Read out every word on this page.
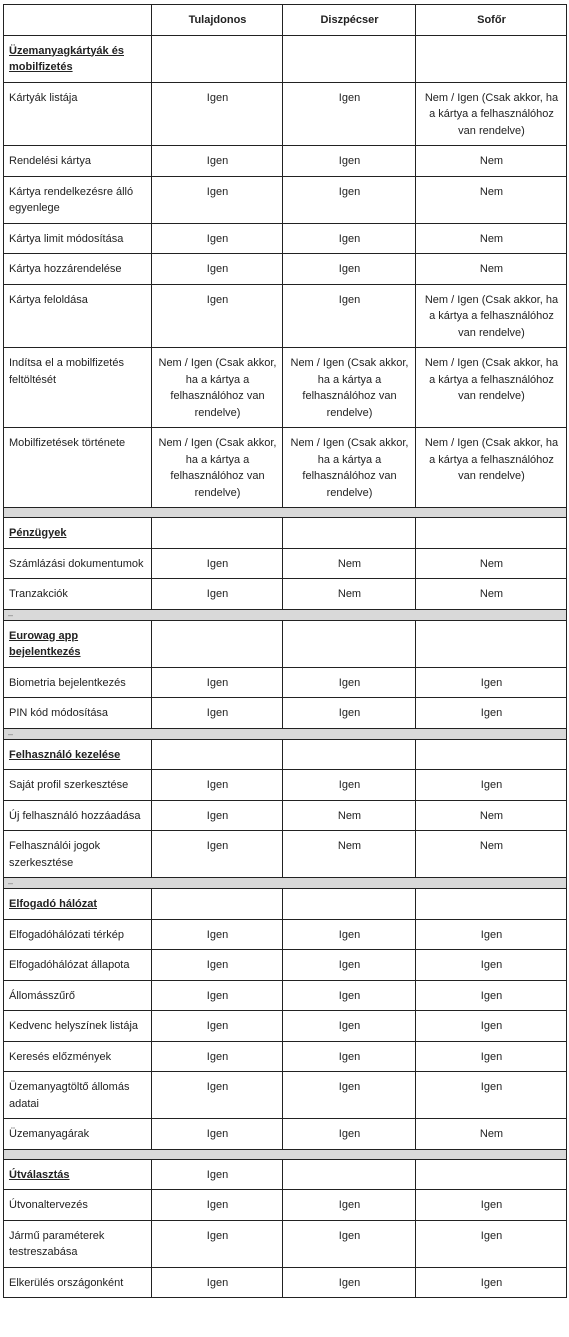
	Tulajdonos	Diszpécser	Sofőr
Üzemanyagkártyák és mobilfizetés			
Kártyák listája	Igen	Igen	Nem / Igen (Csak akkor, ha a kártya a felhasználóhoz van rendelve)
Rendelési kártya	Igen	Igen	Nem
Kártya rendelkezésre álló egyenlege	Igen	Igen	Nem
Kártya limit módosítása	Igen	Igen	Nem
Kártya hozzárendelése	Igen	Igen	Nem
Kártya feloldása	Igen	Igen	Nem / Igen (Csak akkor, ha a kártya a felhasználóhoz van rendelve)
Indítsa el a mobilfizetés feltöltését	Nem / Igen (Csak akkor, ha a kártya a felhasználóhoz van rendelve)	Nem / Igen (Csak akkor, ha a kártya a felhasználóhoz van rendelve)	Nem / Igen (Csak akkor, ha a kártya a felhasználóhoz van rendelve)
Mobilfizetések története	Nem / Igen (Csak akkor, ha a kártya a felhasználóhoz van rendelve)	Nem / Igen (Csak akkor, ha a kártya a felhasználóhoz van rendelve)	Nem / Igen (Csak akkor, ha a kártya a felhasználóhoz van rendelve)

Pénzügyek			
Számlázási dokumentumok	Igen	Nem	Nem
Tranzakciók	Igen	Nem	Nem
–			
Eurowag app bejelentkezés			
Biometria bejelentkezés	Igen	Igen	Igen
PIN kód módosítása	Igen	Igen	Igen
–			
Felhasználó kezelése			
Saját profil szerkesztése	Igen	Igen	Igen
Új felhasználó hozzáadása	Igen	Nem	Nem
Felhasználói jogok szerkesztése	Igen	Nem	Nem
–			
Elfogadó hálózat			
Elfogadóhálózati térkép	Igen	Igen	Igen
Elfogadóhálózat állapota	Igen	Igen	Igen
Állomásszűrő	Igen	Igen	Igen
Kedvenc helyszínek listája	Igen	Igen	Igen
Keresés előzmények	Igen	Igen	Igen
Üzemanyagtöltő állomás adatai	Igen	Igen	Igen
Üzemanyagárak	Igen	Igen	Nem

Útválasztás	Igen		
Útvonaltervezés	Igen	Igen	Igen
Jármű paraméterek testreszabása	Igen	Igen	Igen
Elkerülés országonként	Igen	Igen	Igen
